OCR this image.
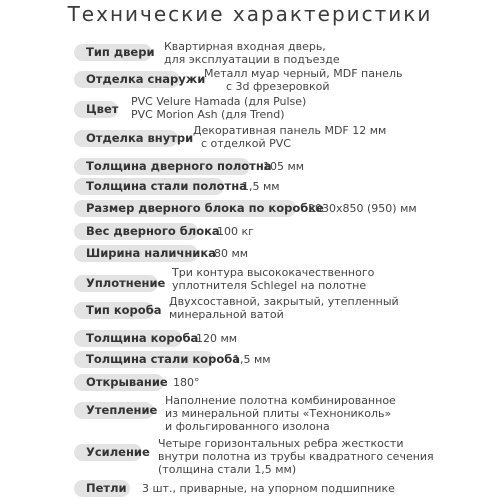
Технические характеристики
Тип двери Квартирная входная дверь,
для эксплуатации в подъезде
Отделка снаружи
Металл муар черный, MDF панель
с 3d фрезеровкой
Цвет
PVC Velure Hamada (для Pulse)
PVC Morion Ash (для Trend)
Отделка внутри
Декоративная панель MDF 12 мм
с отделкой PVC
Толщина дверного полотна
105 мм
Толщина стали полотна
1,5 мм
Размер дверного блока по коробке
2030х850 (950) мм
Вес дверного блока
100 кг
Ширина наличника
80 мм
Уплотнение
Три контура высококачественного
уплотнителя Schlegel на полотне
Тип короба
Двухсоставной, закрытый, утепленный
минеральной ватой
Толщина короба
120 мм
Толщина стали короба
1,5 мм
Открывание 180°
Утепление
Наполнение полотна комбинированное
из минеральной плиты «Технониколь»
и фольгированного изолона
Усиление
Четыре горизонтальных ребра жесткости
внутри полотна из трубы квадратного сечения
(толщина стали 1,5 мм)
Петли	3 шт., приварные, на упорном подшипнике
